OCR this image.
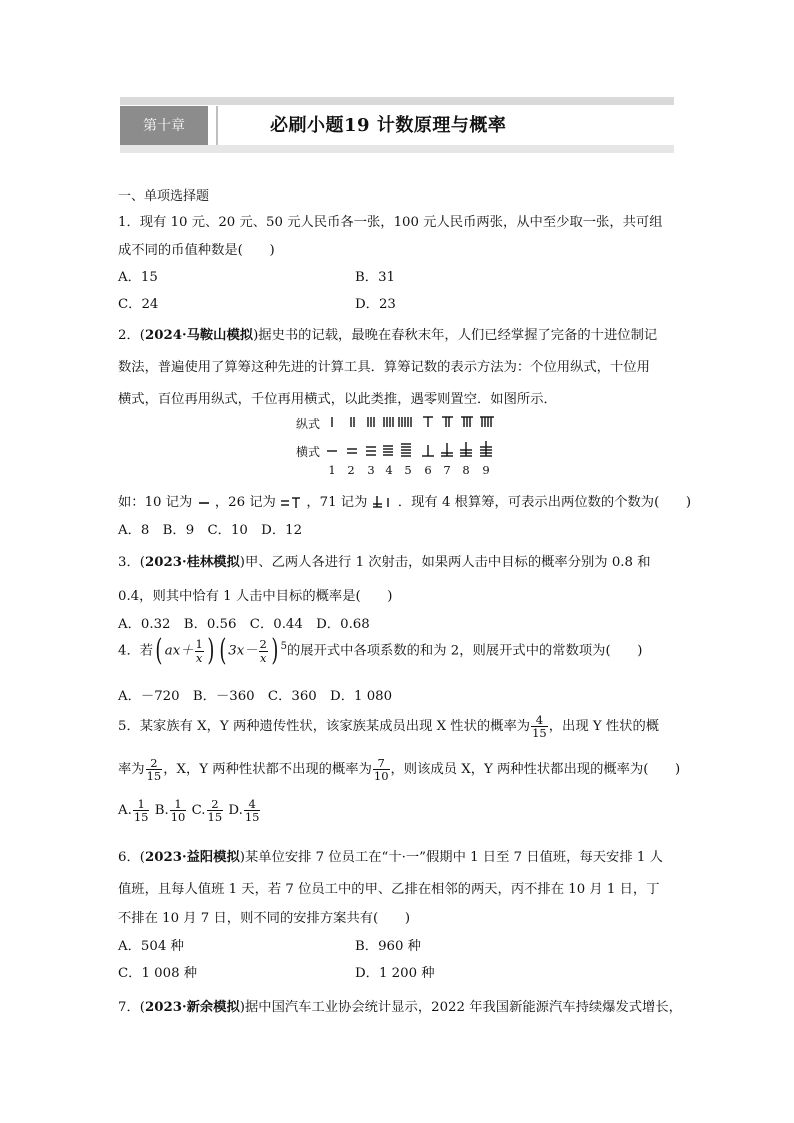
第十章	必刷小题19 计数原理与概率
一、单项选择题
1．现有 10 元、20 元、50 元人民币各一张，100 元人民币两张，从中至少取一张，共可组
成不同的币值种数是(　　)
A．15	B．31
C．24	D．23
2．(2024·马鞍山模拟)据史书的记载，最晚在春秋末年，人们已经掌握了完备的十进位制记
数法，普遍使用了算筹这种先进的计算工具．算筹记数的表示方法为：个位用纵式，十位用
横式，百位再用纵式，千位再用横式，以此类推，遇零则置空．如图所示．
纵式
横式
1 2 3 4 5 6 7 8 9
如：10 记为 ，26 记为 ，71 记为 ．现有 4 根算筹，可表示出两位数的个数为(　　)
A．8　B．9　C．10　D．12
3．(2023·桂林模拟)甲、乙两人各进行 1 次射击，如果两人击中目标的概率分别为 0.8 和
0.4，则其中恰有 1 人击中目标的概率是(　　)
A．0.32　B．0.56　C．0.44　D．0.68
4．若( $ax+ \frac{1}{x}$ ) ( $3x- \frac{2}{x}$ ) $^5$的展开式中各项系数的和为 2，则展开式中的常数项为(　　)
A．－720　B．－360　C．360　D．1 080
5．某家族有 X，Y 两种遗传性状，该家族某成员出现 X 性状的概率为 $\frac{4}{15}$ ，出现 Y 性状的概
率为 $\frac{2}{15}$ ，X，Y 两种性状都不出现的概率为 $\frac{7}{10}$ ，则该成员 X，Y 两种性状都出现的概率为(　　)
A. $\frac{1}{15} B$. $\frac{1}{10} C$. $\frac{2}{15} D$. $\frac{4}{15}$
6．(2023·益阳模拟)某单位安排 7 位员工在“十·一”假期中 1 日至 7 日值班，每天安排 1 人
值班，且每人值班 1 天，若 7 位员工中的甲、乙排在相邻的两天，丙不排在 10 月 1 日，丁
不排在 10 月 7 日，则不同的安排方案共有(　　)
A．504 种	B．960 种
C．1 008 种	D．1 200 种
7．(2023·新余模拟)据中国汽车工业协会统计显示，2022 年我国新能源汽车持续爆发式增长，
